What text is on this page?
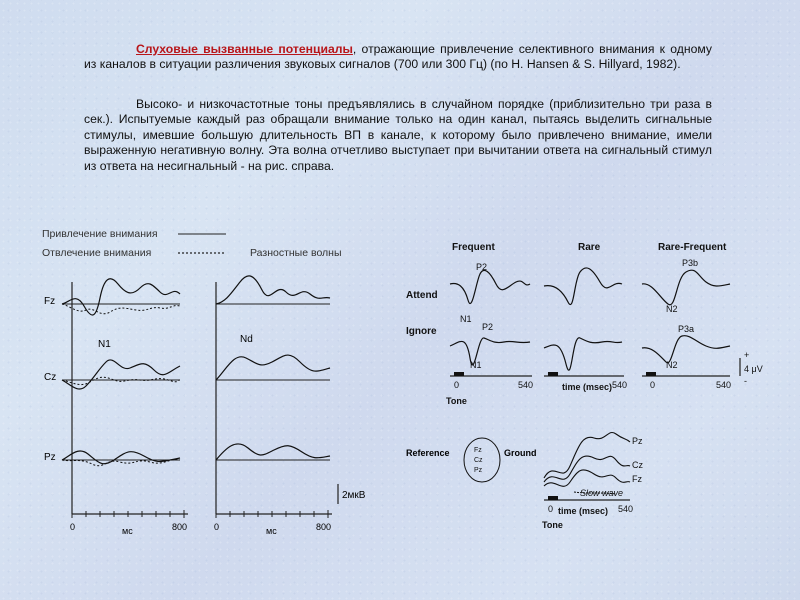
Слуховые вызванные потенциалы, отражающие привлечение селективного внимания к одному из каналов в ситуации различения звуковых сигналов (700 или 300 Гц) (по H. Hansen & S. Hillyard, 1982).
Высоко- и низкочастотные тоны предъявлялись в случайном порядке (приблизительно три раза в сек.). Испытуемые каждый раз обращали внимание только на один канал, пытаясь выделить сигнальные стимулы, имевшие большую длительность ВП в канале, к которому было привлечено внимание, имели выраженную негативную волну. Эта волна отчетливо выступает при вычитании ответа на сигнальный стимул из ответа на несигнальный - на рис. справа.
Привлечение внимания
Отвлечение внимания	Разностные волны
Fz
N1	Nd
Cz
Pz
0	мс	800	0	мс	800
2мкВ
Frequent	Rare	Rare-Frequent
Attend
Ignore
P2
N1
P3b
N2
P2
N1
P3a
N2
0	540	540	0	540
time (msec)
Tone
+
4 μV
-
Fz
Cz
Pz
Reference	Ground
Pz
Cz
Fz
Slow wave
0	540
time (msec)
Tone
